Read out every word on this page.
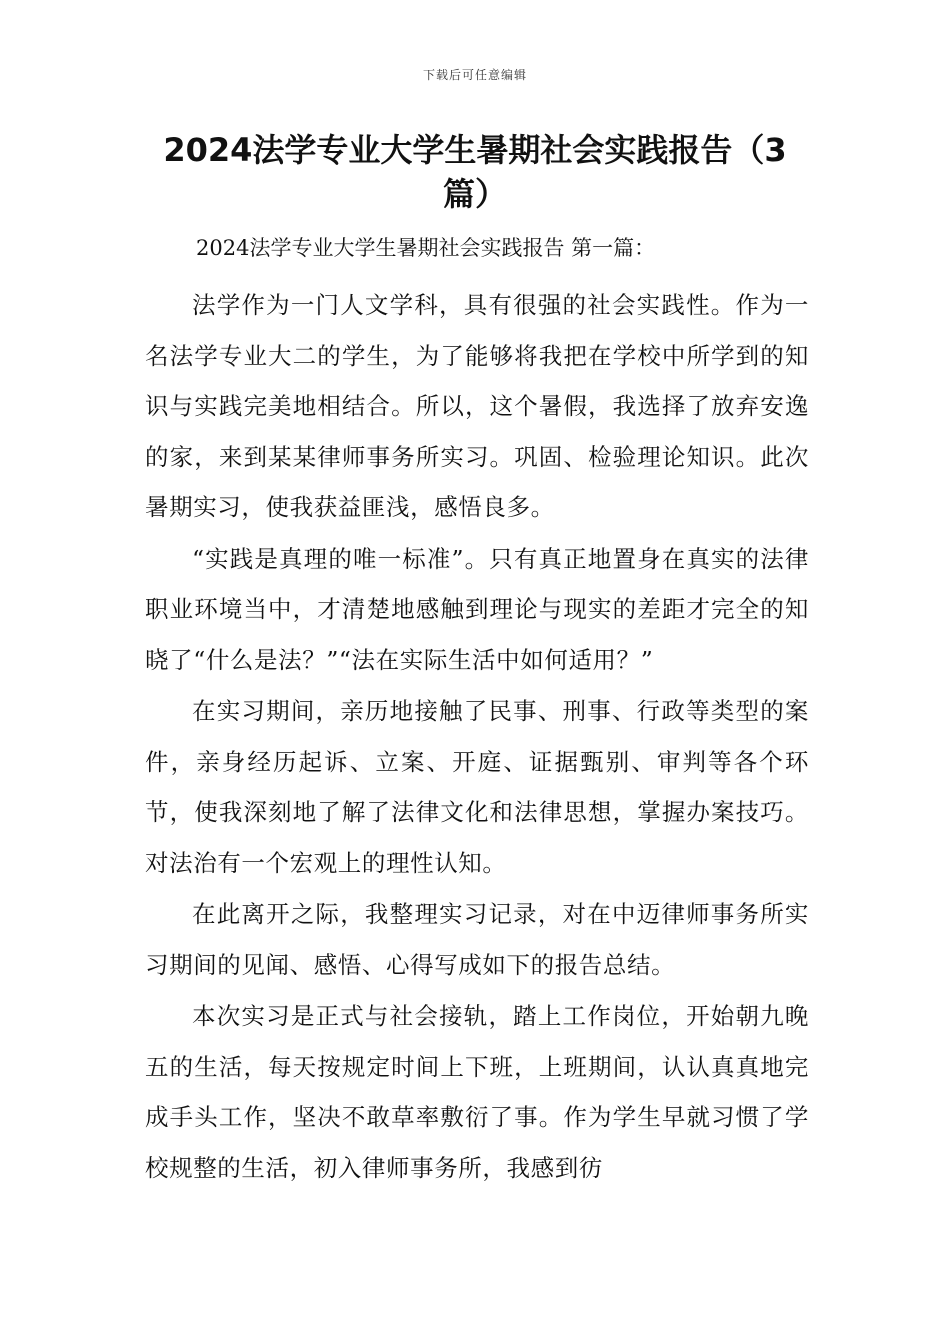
下载后可任意编辑
2024法学专业大学生暑期社会实践报告（3篇）
2024法学专业大学生暑期社会实践报告 第一篇：

法学作为一门人文学科，具有很强的社会实践性。作为一名法学专业大二的学生，为了能够将我把在学校中所学到的知识与实践完美地相结合。所以，这个暑假，我选择了放弃安逸的家，来到某某律师事务所实习。巩固、检验理论知识。此次暑期实习，使我获益匪浅，感悟良多。

“实践是真理的唯一标准”。只有真正地置身在真实的法律职业环境当中，才清楚地感触到理论与现实的差距才完全的知晓了“什么是法？”“法在实际生活中如何适用？”

在实习期间，亲历地接触了民事、刑事、行政等类型的案件，亲身经历起诉、立案、开庭、证据甄别、审判等各个环节，使我深刻地了解了法律文化和法律思想，掌握办案技巧。对法治有一个宏观上的理性认知。

在此离开之际，我整理实习记录，对在中迈律师事务所实习期间的见闻、感悟、心得写成如下的报告总结。

本次实习是正式与社会接轨，踏上工作岗位，开始朝九晚五的生活，每天按规定时间上下班，上班期间，认认真真地完成手头工作，坚决不敢草率敷衍了事。作为学生早就习惯了学校规整的生活，初入律师事务所，我感到彷
